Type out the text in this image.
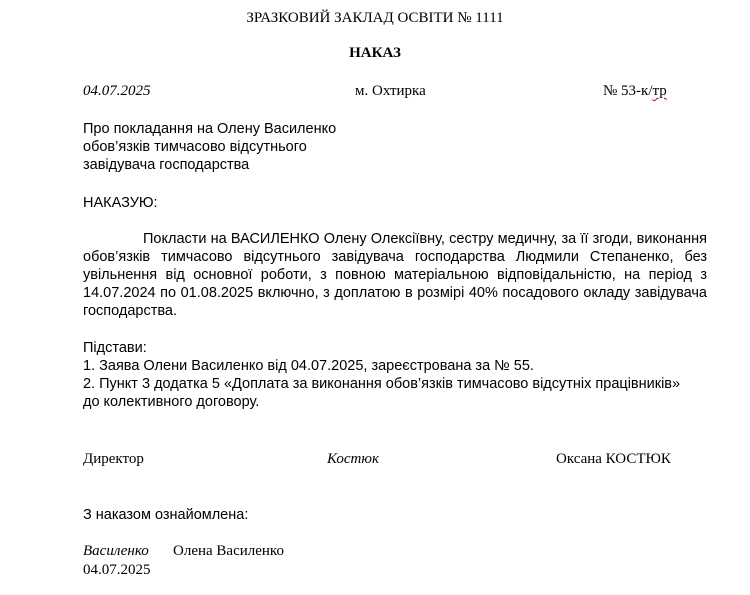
ЗРАЗКОВИЙ ЗАКЛАД ОСВІТИ № 1111
НАКАЗ
04.07.2025	м. Охтирка	№ 53-к/тр
Про покладання на Олену Василенко
обов’язків тимчасово відсутнього
завідувача господарства
НАКАЗУЮ:
Покласти на ВАСИЛЕНКО Олену Олексіївну, сестру медичну, за її згоди, виконання обов’язків тимчасово відсутнього завідувача господарства Людмили Степаненко, без увільнення від основної роботи, з повною матеріальною відповідальністю, на період з 14.07.2024 по 01.08.2025 включно, з доплатою в розмірі 40% посадового окладу завідувача господарства.
Підстави:
1. Заява Олени Василенко від 04.07.2025, зареєстрована за № 55.
2. Пункт 3 додатка 5 «Доплата за виконання обов’язків тимчасово відсутніх працівників»
до колективного договору.
Директор	Костюк	Оксана КОСТЮК
З наказом ознайомлена:
Василенко Олена Василенко
04.07.2025
